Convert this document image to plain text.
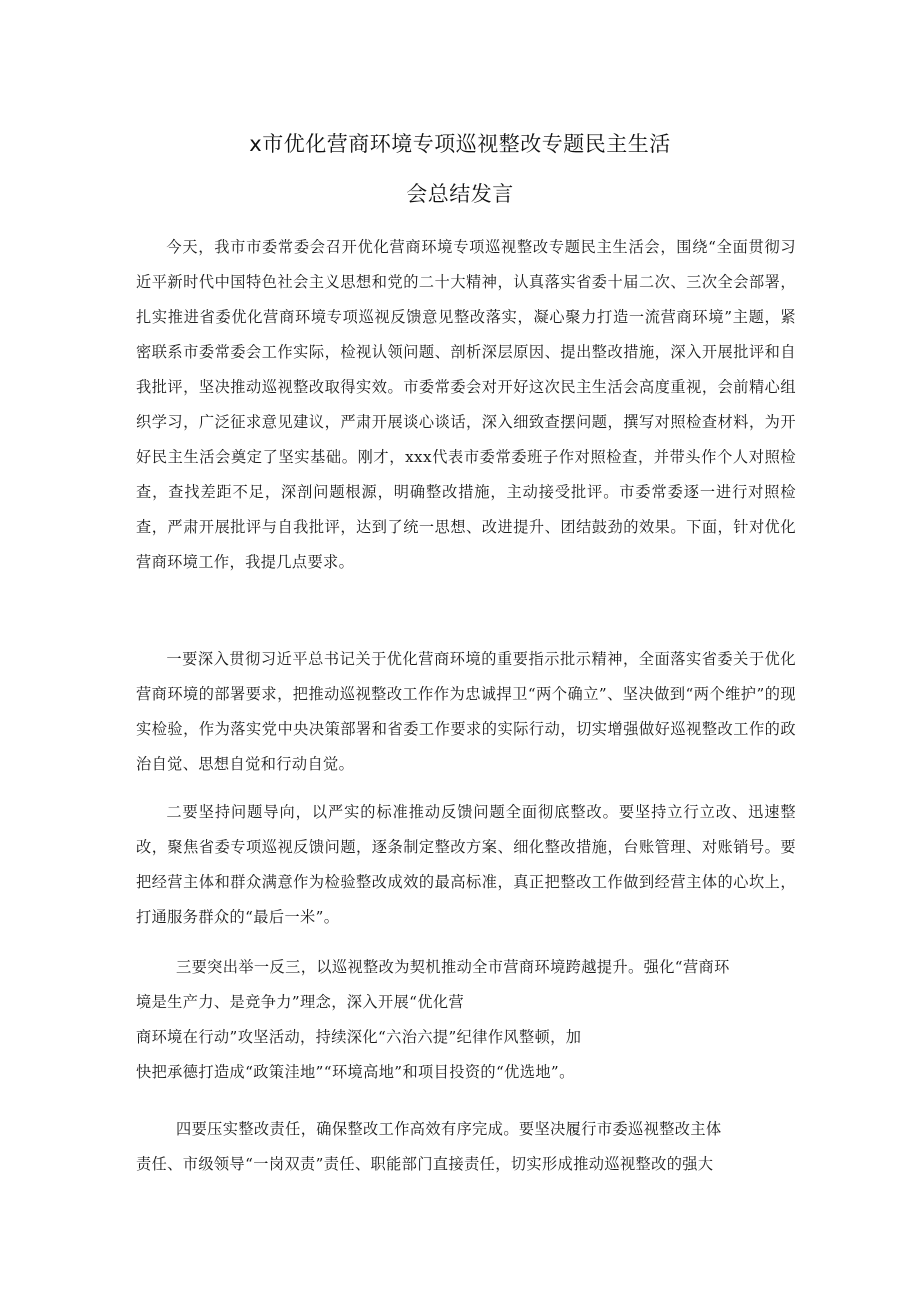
x市优化营商环境专项巡视整改专题民主生活
会总结发言

今天，我市市委常委会召开优化营商环境专项巡视整改专题民主生活会，围绕“全面贯彻习近平新时代中国特色社会主义思想和党的二十大精神，认真落实省委十届二次、三次全会部署，扎实推进省委优化营商环境专项巡视反馈意见整改落实，凝心聚力打造一流营商环境”主题，紧密联系市委常委会工作实际，检视认领问题、剖析深层原因、提出整改措施，深入开展批评和自我批评，坚决推动巡视整改取得实效。市委常委会对开好这次民主生活会高度重视，会前精心组织学习，广泛征求意见建议，严肃开展谈心谈话，深入细致查摆问题，撰写对照检查材料，为开好民主生活会奠定了坚实基础。刚才，xxx代表市委常委班子作对照检查，并带头作个人对照检查，查找差距不足，深剖问题根源，明确整改措施，主动接受批评。市委常委逐一进行对照检查，严肃开展批评与自我批评，达到了统一思想、改进提升、团结鼓劲的效果。下面，针对优化营商环境工作，我提几点要求。

一要深入贯彻习近平总书记关于优化营商环境的重要指示批示精神，全面落实省委关于优化营商环境的部署要求，把推动巡视整改工作作为忠诚捍卫“两个确立”、坚决做到“两个维护”的现实检验，作为落实党中央决策部署和省委工作要求的实际行动，切实增强做好巡视整改工作的政治自觉、思想自觉和行动自觉。

二要坚持问题导向，以严实的标准推动反馈问题全面彻底整改。要坚持立行立改、迅速整改，聚焦省委专项巡视反馈问题，逐条制定整改方案、细化整改措施，台账管理、对账销号。要把经营主体和群众满意作为检验整改成效的最高标准，真正把整改工作做到经营主体的心坎上，打通服务群众的“最后一米”。

三要突出举一反三，以巡视整改为契机推动全市营商环境跨越提升。强化“营商环

境是生产力、是竞争力”理念，深入开展“优化营

商环境在行动”攻坚活动，持续深化“六治六提”纪律作风整顿，加

快把承德打造成“政策洼地”“环境高地”和项目投资的“优选地”。

四要压实整改责任，确保整改工作高效有序完成。要坚决履行市委巡视整改主体

责任、市级领导“一岗双责”责任、职能部门直接责任，切实形成推动巡视整改的强大
